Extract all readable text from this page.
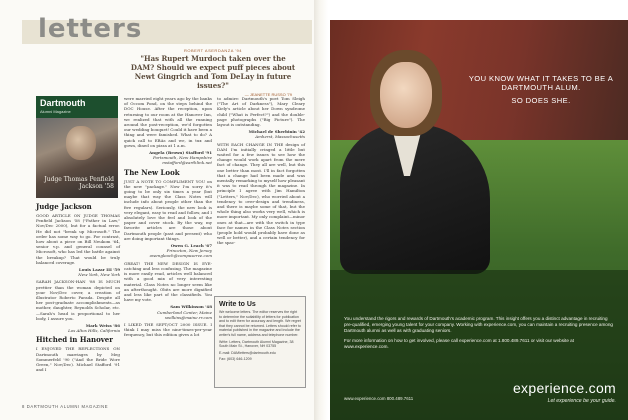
letters
ROBERT ASERDANZA '94
"Has Rupert Murdoch taken over the DAM? Should we expect puff pieces about Newt Gingrich and Tom DeLay in future issues?"
— JEANETTE RUSSO '79
Dartmouth
Alumni Magazine
Judge Thomas Penfield Jackson '58
Judge Jackson

GOOD ARTICLE ON JUDGE THOMAS Penfield Jackson '58 ("Father in Law," Nov/Dec 2000), but for a factual error. He did not "break up Microsoft." The order has some way to go. For contrast, how about a piece on Bill Neukom '64, senior v.p. and general counsel of Microsoft, who has led the battle against the breakup? That would be truly balanced coverage.

Louis Lazar III '59
New York, New York

SARAH JACKSON-HAN '88 IS MUCH prettier than the woman depicted on your Nov/Dec cover, a creation of illustrator Roberto Parada. Despite all her post-graduate accomplishments—as mother, daughter, Reynolds Scholar, etc.—Sarah's head is proportional to her body, I assure you.

Mark Weiss '86
Los Altos Hills, California

Hitched in Hanover

I ENJOYED THE REFLECTIONS ON Dartmouth marriages by Meg Sommerfeld '90 ("And the Bride Wore Green," Nov/Dec). Michael Stafford '91 and I

were married eight years ago by the banks of Occom Pond, on the steps behind the DOC House. After the reception, upon returning to our room at the Hanover Inn, we realized that with all the running around the post-reception, we'd forgotten our wedding bouquet! Could it have been a thing and were famished. What to do? A quick call to EBAs and we, in tux and gown, dined on pizza at 1 a.m.

Angela (Brown) Stafford '91
Portsmouth, New Hampshire
mstafford@earthlink.net

The New Look

JUST A NOTE TO COMPLIMENT YOU on the new "package." Now I'm sorry it's going to be only six times a year (but maybe that way the Class Notes will include info about people other than the five regulars). Seriously, the new look is very elegant, easy to read and follow, and I absolutely love the feel and look of the paper and cover stock. By the way, my favorite articles are those about Dartmouth people (past and present) who are doing important things.

Owen G. Leach '67
Princeton, New Jersey
owengleach@compuserve.com

GREAT! THE NEW DESIGN IS EYE-catching and less confusing. The magazine is more easily read, articles well balanced with a good mix of very interesting material. Class Notes no longer seem like an afterthought. Obits are more dignified and less like part of the classifieds. You have my vote.

Sam Wilkinson '48
Cumberland Center, Maine
swilkins@maine.rr.com

I LIKED THE SEPT/OCT 2000 ISSUE. I think I may miss the nine-times-per-year frequency, but this edition gives a lot

to admire: Dartmouth's poet Tom Sleigh ("The Art of Darkness"), Mary Cleary Kiely's article about her Down syndrome child ("What is Perfect?") and the double-page photographs ("Big Picture"). The layout is outstanding.

Michael de Sherbinin '42
Amherst, Massachusetts

WITH EACH CHANGE IN THE design of DAM I'm initially cringed a little but waited for a few issues to see how the change would work apart from the mere fact of change. They all are well, but this one better than most. I'll in fact forgotten that a change had been made and was mentally remarking to myself how pleasant it was to read through the magazine. In principle I agree with Jim Hamilton ("Letters," Nov/Dec), who worried about a tendency to over-design and trendiness, and there is maybe some of that, but the whole thing also works very well, which is more important. My only complaint—minor ones at that—are with the switch in type face for names in the Class Notes section (people hold would probably have done as well or better), and a certain tendency for the spac-

Write to Us

We welcome letters. The editor reserves the right to determine the suitability of letters for publication and to edit them for accuracy and length. We regret that they cannot be returned. Letters should refer to material published in the magazine and include the writer's full name, address and telephone number.

Write: Letters, Dartmouth Alumni Magazine, 38 South Main St., Hanover, NH 03755

E-mail: DAMletters@dartmouth.edu

Fax: (603) 646-1209

8 DARTMOUTH ALUMNI MAGAZINE
YOU KNOW WHAT IT TAKES TO BE A DARTMOUTH ALUM.
SO DOES SHE.

You understand the rigors and rewards of Dartmouth's academic program. This insight offers you a distinct advantage in recruiting pre-qualified, emerging young talent for your company. Working with experience.com, you can maintain a recruiting presence among Dartmouth alumni as well as with graduating seniors.

For more information on how to get involved, please call experience.com at 1.800.489.7611 or visit our website at www.experience.com.

www.experience.com 800.489.7611
experience.com
Let experience be your guide.
